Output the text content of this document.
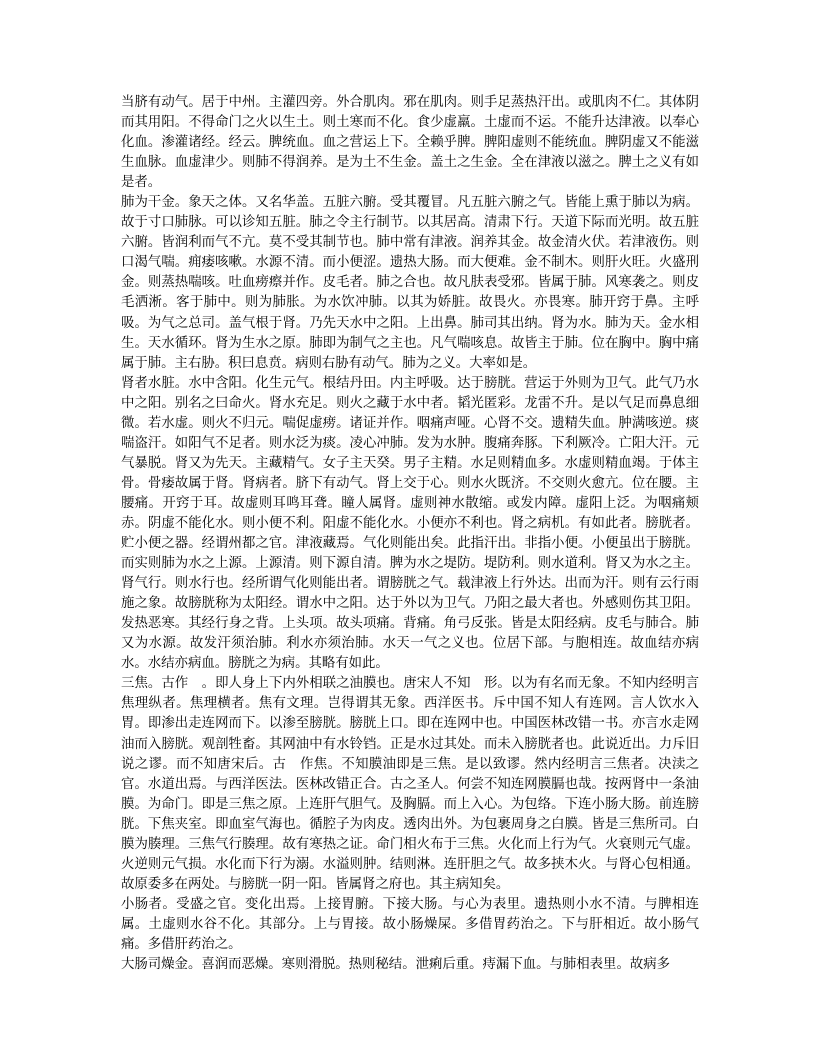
当脐有动气。居于中州。主灌四旁。外合肌肉。邪在肌肉。则手足蒸热汗出。或肌肉不仁。其体阴而其用阳。不得命门之火以生土。则土寒而不化。食少虚羸。土虚而不运。不能升达津液。以奉心化血。渗灌诸经。经云。脾统血。血之营运上下。全赖乎脾。脾阳虚则不能统血。脾阴虚又不能滋生血脉。血虚津少。则肺不得润养。是为土不生金。盖土之生金。全在津液以滋之。脾土之义有如是者。

肺为干金。象天之体。又名华盖。五脏六腑。受其覆冒。凡五脏六腑之气。皆能上熏于肺以为病。故于寸口肺脉。可以诊知五脏。肺之令主行制节。以其居高。清肃下行。天道下际而光明。故五脏六腑。皆润利而气不亢。莫不受其制节也。肺中常有津液。润养其金。故金清火伏。若津液伤。则口渴气喘。痈痿咳嗽。水源不清。而小便涩。遗热大肠。而大便难。金不制木。则肝火旺。火盛刑金。则蒸热喘咳。吐血痨瘵并作。皮毛者。肺之合也。故凡肤表受邪。皆属于肺。风寒袭之。则皮毛洒淅。客于肺中。则为肺胀。为水饮冲肺。以其为娇脏。故畏火。亦畏寒。肺开窍于鼻。主呼吸。为气之总司。盖气根于肾。乃先天水中之阳。上出鼻。肺司其出纳。肾为水。肺为天。金水相生。天水循环。肾为生水之原。肺即为制气之主也。凡气喘咳息。故皆主于肺。位在胸中。胸中痛属于肺。主右胁。积曰息贲。病则右胁有动气。肺为之义。大率如是。

肾者水脏。水中含阳。化生元气。根结丹田。内主呼吸。达于膀胱。营运于外则为卫气。此气乃水中之阳。别名之曰命火。肾水充足。则火之藏于水中者。韬光匿彩。龙雷不升。是以气足而鼻息细微。若水虚。则火不归元。喘促虚痨。诸证并作。咽痛声哑。心肾不交。遗精失血。肿满咳逆。痰喘盗汗。如阳气不足者。则水泛为痰。凌心冲肺。发为水肿。腹痛奔豚。下利厥冷。亡阳大汗。元气暴脱。肾又为先天。主藏精气。女子主天癸。男子主精。水足则精血多。水虚则精血竭。于体主骨。骨痿故属于肾。肾病者。脐下有动气。肾上交于心。则水火既济。不交则火愈亢。位在腰。主腰痛。开窍于耳。故虚则耳鸣耳聋。瞳人属肾。虚则神水散缩。或发内障。虚阳上泛。为咽痛颊赤。阴虚不能化水。则小便不利。阳虚不能化水。小便亦不利也。肾之病机。有如此者。膀胱者。贮小便之器。经谓州都之官。津液藏焉。气化则能出矣。此指汗出。非指小便。小便虽出于膀胱。而实则肺为水之上源。上源清。则下源自清。脾为水之堤防。堤防利。则水道利。肾又为水之主。肾气行。则水行也。经所谓气化则能出者。谓膀胱之气。载津液上行外达。出而为汗。则有云行雨施之象。故膀胱称为太阳经。谓水中之阳。达于外以为卫气。乃阳之最大者也。外感则伤其卫阳。发热恶寒。其经行身之背。上头项。故头项痛。背痛。角弓反张。皆是太阳经病。皮毛与肺合。肺又为水源。故发汗须治肺。利水亦须治肺。水天一气之义也。位居下部。与胞相连。故血结亦病水。水结亦病血。膀胱之为病。其略有如此。

三焦。古作　。即人身上下内外相联之油膜也。唐宋人不知　形。以为有名而无象。不知内经明言焦理纵者。焦理横者。焦有文理。岂得谓其无象。西洋医书。斥中国不知人有连网。言人饮水入胃。即渗出走连网而下。以渗至膀胱。膀胱上口。即在连网中也。中国医林改错一书。亦言水走网油而入膀胱。观剖牲畜。其网油中有水铃铛。正是水过其处。而未入膀胱者也。此说近出。力斥旧说之谬。而不知唐宋后。古　作焦。不知膜油即是三焦。是以致谬。然内经明言三焦者。决渎之官。水道出焉。与西洋医法。医林改错正合。古之圣人。何尝不知连网膜膈也哉。按两肾中一条油膜。为命门。即是三焦之原。上连肝气胆气。及胸膈。而上入心。为包络。下连小肠大肠。前连膀胱。下焦夹室。即血室气海也。循腔子为肉皮。透肉出外。为包裹周身之白膜。皆是三焦所司。白膜为腠理。三焦气行腠理。故有寒热之证。命门相火布于三焦。火化而上行为气。火衰则元气虚。火逆则元气损。水化而下行为溺。水溢则肿。结则淋。连肝胆之气。故多挟木火。与肾心包相通。故原委多在两处。与膀胱一阴一阳。皆属肾之府也。其主病知矣。

小肠者。受盛之官。变化出焉。上接胃腑。下接大肠。与心为表里。遗热则小水不清。与脾相连属。土虚则水谷不化。其部分。上与胃接。故小肠燥屎。多借胃药治之。下与肝相近。故小肠气痛。多借肝药治之。

大肠司燥金。喜润而恶燥。寒则滑脱。热则秘结。泄痢后重。痔漏下血。与肺相表里。故病多
